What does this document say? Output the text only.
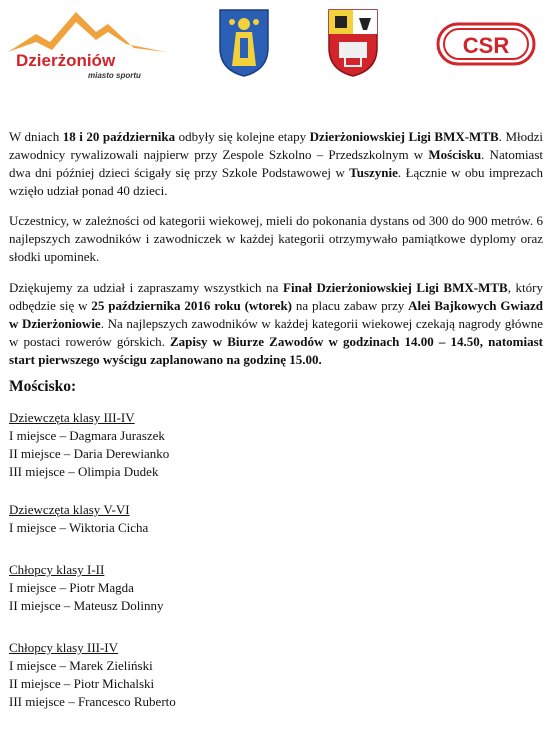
Dzierżoniów
miasto sportu
CSR

W dniach 18 i 20 października odbyły się kolejne etapy Dzierżoniowskiej Ligi BMX-MTB. Młodzi zawodnicy rywalizowali najpierw przy Zespole Szkolno – Przedszkolnym w Mościsku. Natomiast dwa dni później dzieci ścigały się przy Szkole Podstawowej w Tuszynie. Łącznie w obu imprezach wzięło udział ponad 40 dzieci.

Uczestnicy, w zależności od kategorii wiekowej, mieli do pokonania dystans od 300 do 900 metrów. 6 najlepszych zawodników i zawodniczek w każdej kategorii otrzymywało pamiątkowe dyplomy oraz słodki upominek.

Dziękujemy za udział i zapraszamy wszystkich na Finał Dzierżoniowskiej Ligi BMX-MTB, który odbędzie się w 25 października 2016 roku (wtorek) na placu zabaw przy Alei Bajkowych Gwiazd w Dzierżoniowie. Na najlepszych zawodników w każdej kategorii wiekowej czekają nagrody główne w postaci rowerów górskich. Zapisy w Biurze Zawodów w godzinach 14.00 – 14.50, natomiast start pierwszego wyścigu zaplanowano na godzinę 15.00.

Mościsko:
Dziewczęta klasy III-IV
I miejsce – Dagmara Juraszek
II miejsce – Daria Derewianko
III miejsce – Olimpia Dudek
Dziewczęta klasy V-VI
I miejsce – Wiktoria Cicha
Chłopcy klasy I-II
I miejsce – Piotr Magda
II miejsce – Mateusz Dolinny
Chłopcy klasy III-IV
I miejsce – Marek Zieliński
II miejsce – Piotr Michalski
III miejsce – Francesco Ruberto
